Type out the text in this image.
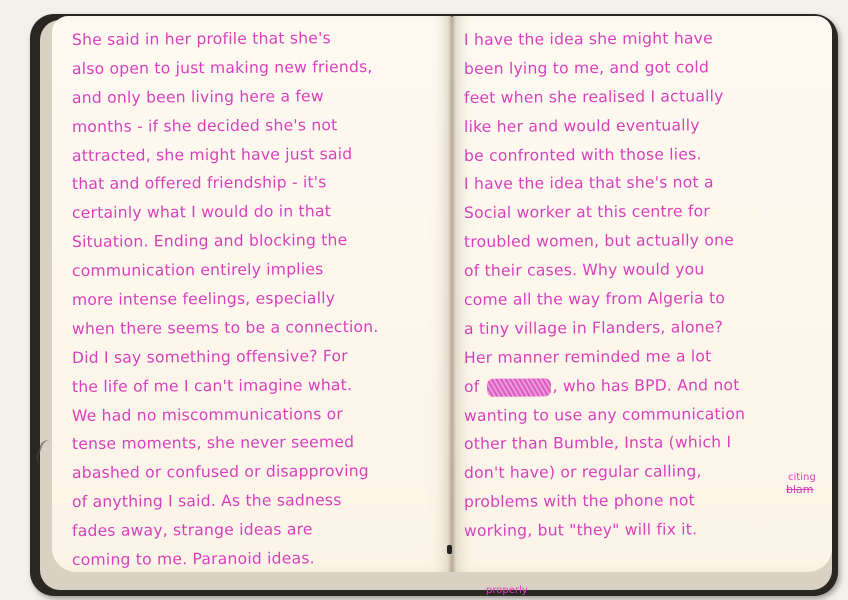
She said in her profile that she's
also open to just making new friends,
and only been living here a few
months - if she decided she's not
attracted, she might have just said
that and offered friendship - it's
certainly what I would do in that
Situation. Ending and blocking the
communication entirely implies
more intense feelings, especially
when there seems to be a connection.
Did I say something offensive? For
the life of me I can't imagine what.
We had no miscommunications or
tense moments, she never seemed
abashed or confused or disapproving
of anything I said. As the sadness
fades away, strange ideas are
coming to me. Paranoid ideas.
I have the idea she might have
been lying to me, and got cold
feet when she realised I actually
like her and would eventually
be confronted with those lies.
I have the idea that she's not a
Social worker at this centre for
troubled women, but actually one
of their cases. Why would you
come all the way from Algeria to
a tiny village in Flanders, alone?
Her manner reminded me a lot
of	, who has BPD. And not
wanting to use any communication
other than Bumble, Insta (which I
don't have) or regular calling,
problems with the phone not
working, but "they" will fix it.
citing
blam
properly
